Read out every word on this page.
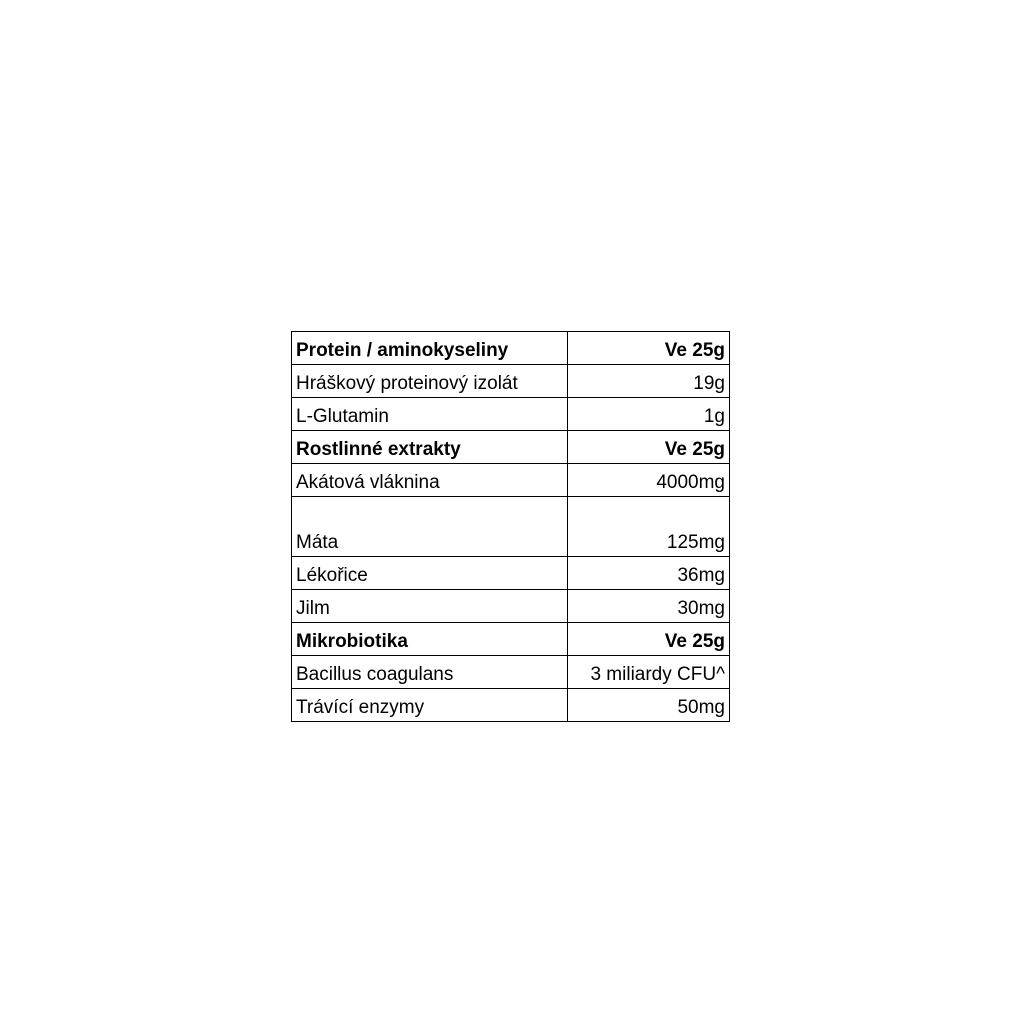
Protein / aminokyseliny	Ve 25g
Hráškový proteinový izolát	19g
L-Glutamin	1g
Rostlinné extrakty	Ve 25g
Akátová vláknina	4000mg
Máta	125mg
Lékořice	36mg
Jilm	30mg
Mikrobiotika	Ve 25g
Bacillus coagulans	3 miliardy CFU^
Trávící enzymy	50mg
